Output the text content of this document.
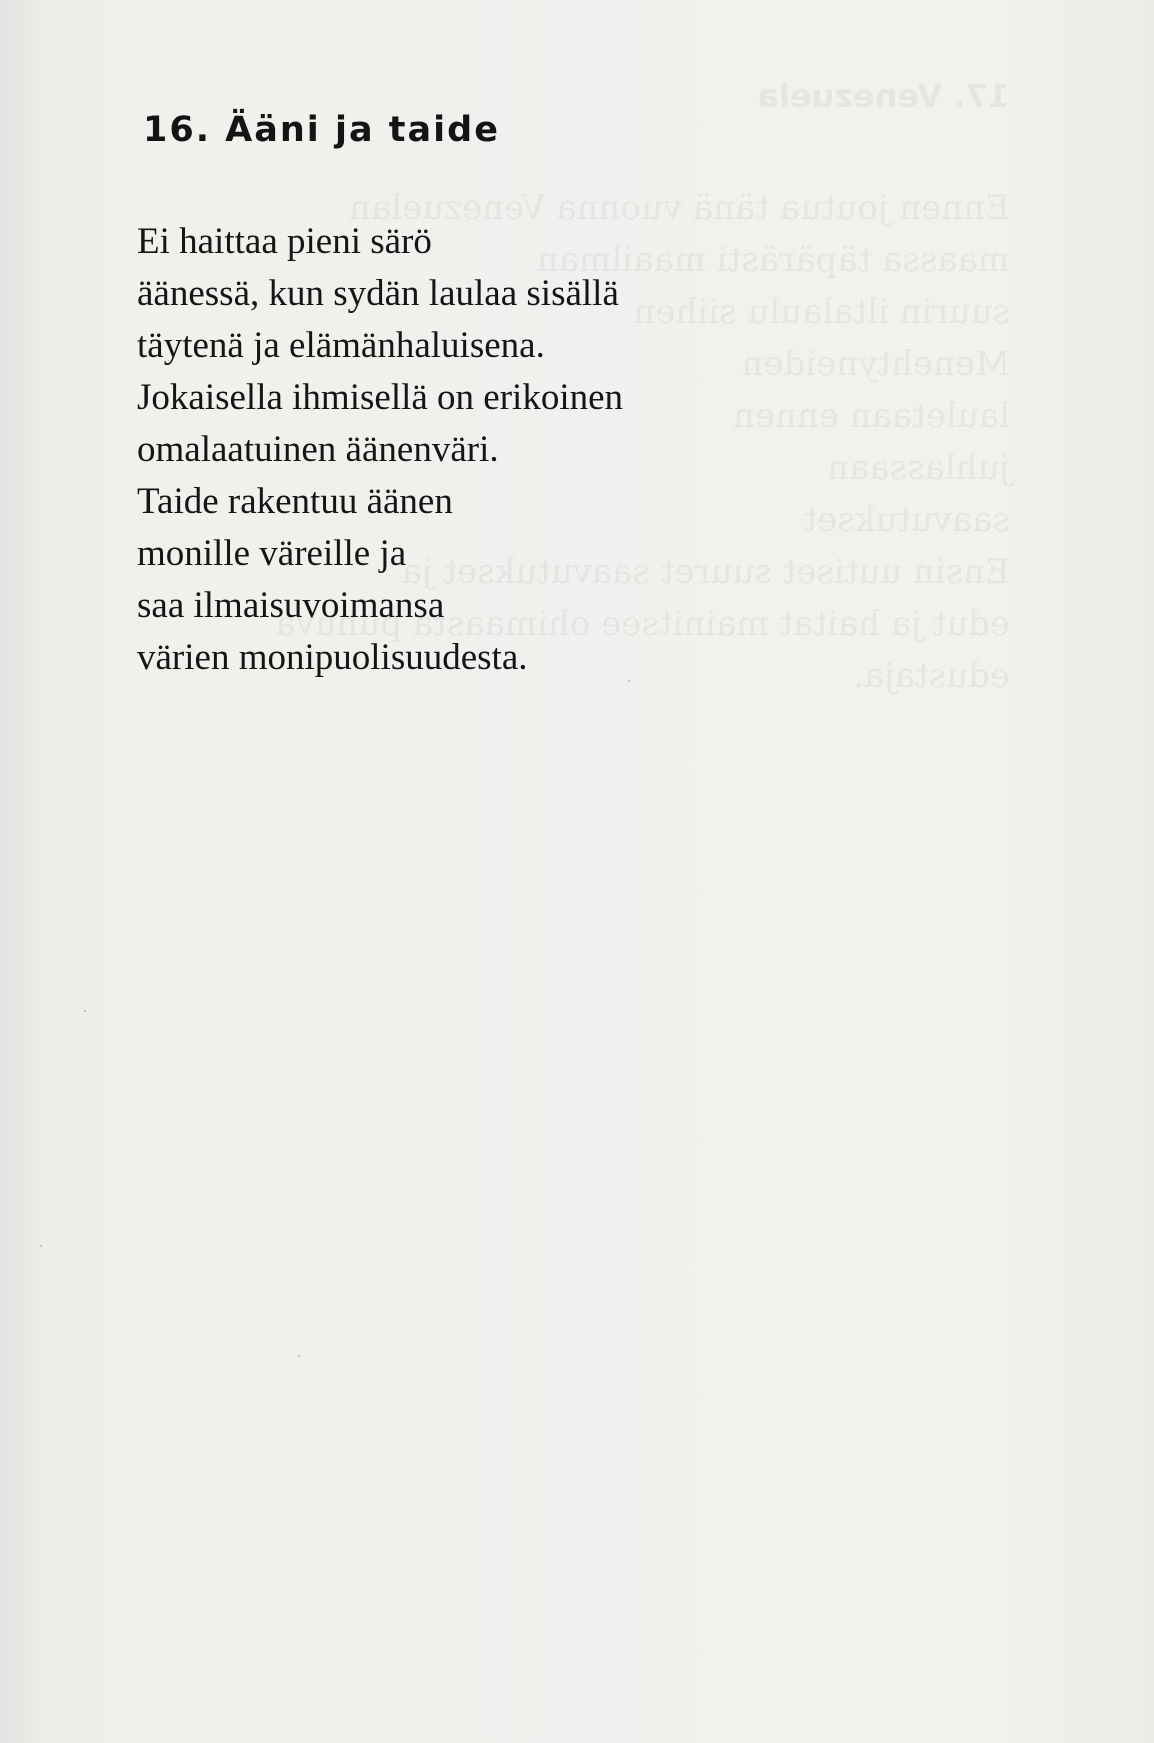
17. Venezuela

Ennen joutua tänä vuonna Venezuelan

maassa täpärästi maailman

suurin iltalaulu siihen

Menehtyneiden

lauletaan ennen

juhlassaan

saavutukset

Ensin uutiset suuret saavutukset ja

edut ja haitat mainitsee ohimaasta puhuva

edustaja.

16. Ääni ja taide

Ei haittaa pieni särö
äänessä, kun sydän laulaa sisällä
täytenä ja elämänhaluisena.
Jokaisella ihmisellä on erikoinen
omalaatuinen äänenväri.
Taide rakentuu äänen
monille väreille ja
saa ilmaisuvoimansa
värien monipuolisuudesta.
